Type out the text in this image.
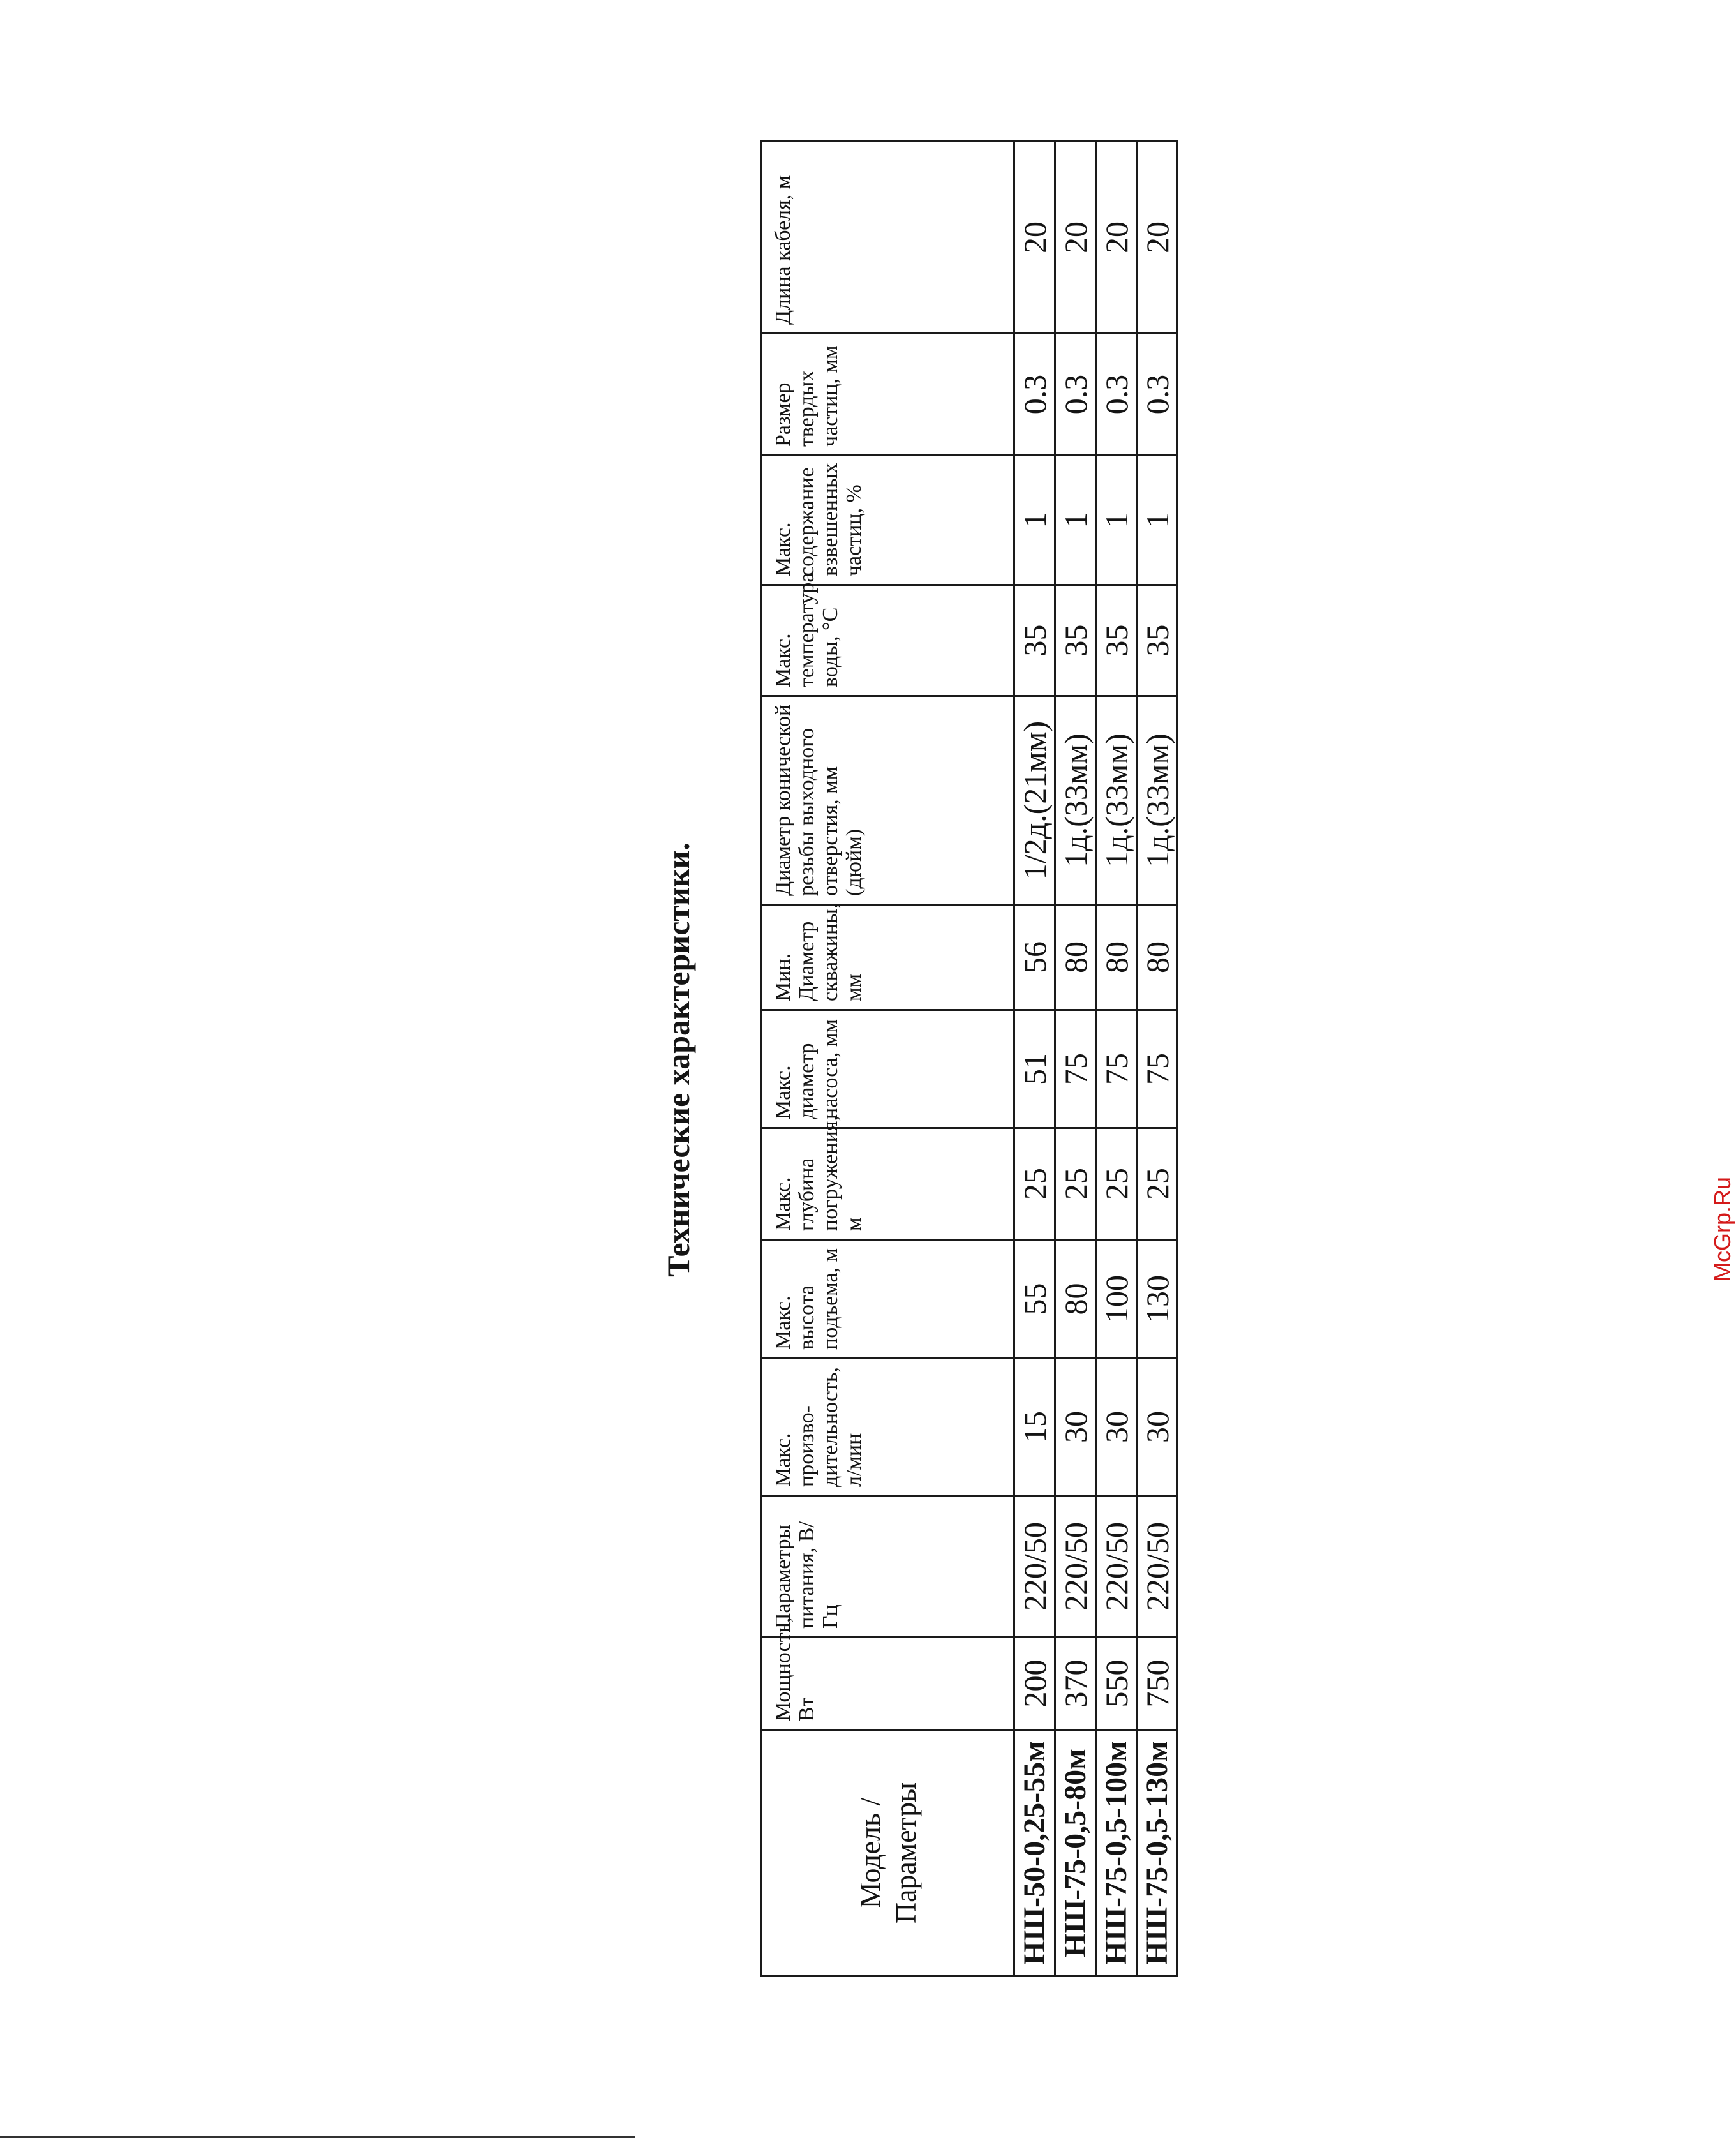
Технические характеристики.
Модель /Параметры	Мощность, Вт	Параметры питания, В/Гц	Макс. произво-дительность, л/мин	Макс. высота подъема, м	Макс. глубина погружения, м	Макс. диаметр насоса, мм	Мин. Диаметр скважины, мм	Диаметр конической резьбы выходного отверстия, мм (дюйм)	Макс. температура воды, °С	Макс. содержание взвешенных частиц, %	Размер твердых частиц, мм	Длина кабеля, м
НШ-50-0,25-55м	200	220/50	15	55	25	51	56	1/2д.(21мм)	35	1	0.3	20
НШ-75-0,5-80м	370	220/50	30	80	25	75	80	1д.(33мм)	35	1	0.3	20
НШ-75-0,5-100м	550	220/50	30	100	25	75	80	1д.(33мм)	35	1	0.3	20
НШ-75-0,5-130м	750	220/50	30	130	25	75	80	1д.(33мм)	35	1	0.3	20
McGrp.Ru
